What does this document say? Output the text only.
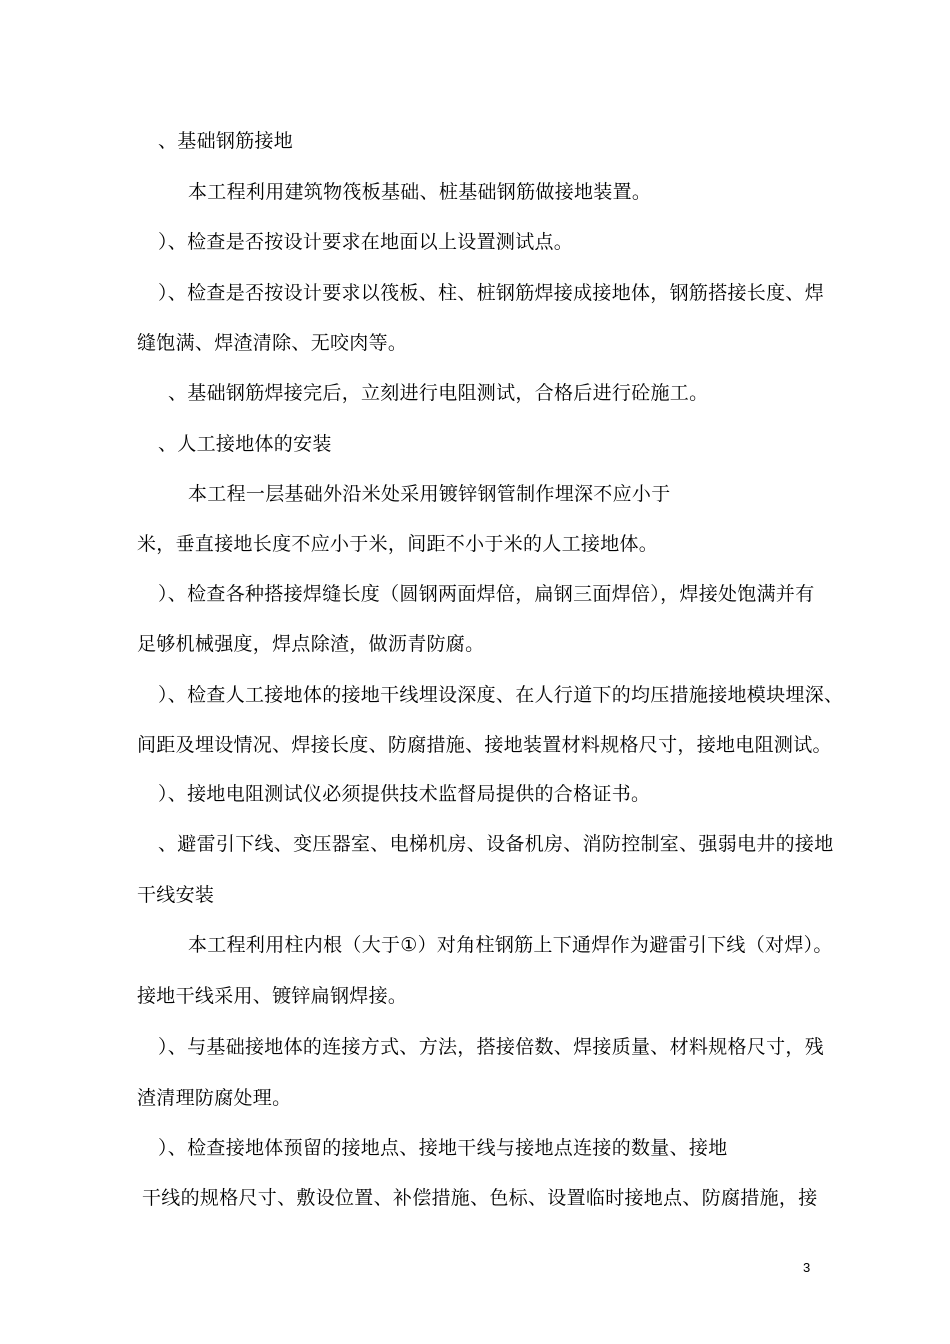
、基础钢筋接地
本工程利用建筑物筏板基础、桩基础钢筋做接地装置。
）、检查是否按设计要求在地面以上设置测试点。
）、检查是否按设计要求以筏板、柱、桩钢筋焊接成接地体，钢筋搭接长度、焊
缝饱满、焊渣清除、无咬肉等。
、基础钢筋焊接完后，立刻进行电阻测试，合格后进行砼施工。
、人工接地体的安装
本工程一层基础外沿米处采用镀锌钢管制作埋深不应小于
米，垂直接地长度不应小于米，间距不小于米的人工接地体。
）、检查各种搭接焊缝长度（圆钢两面焊倍，扁钢三面焊倍），焊接处饱满并有
足够机械强度，焊点除渣，做沥青防腐。
）、检查人工接地体的接地干线埋设深度、在人行道下的均压措施接地模块埋深、
间距及埋设情况、焊接长度、防腐措施、接地装置材料规格尺寸，接地电阻测试。
）、接地电阻测试仪必须提供技术监督局提供的合格证书。
、避雷引下线、变压器室、电梯机房、设备机房、消防控制室、强弱电井的接地
干线安装
本工程利用柱内根（大于①）对角柱钢筋上下通焊作为避雷引下线（对焊）。
接地干线采用、镀锌扁钢焊接。
）、与基础接地体的连接方式、方法，搭接倍数、焊接质量、材料规格尺寸，残
渣清理防腐处理。
）、检查接地体预留的接地点、接地干线与接地点连接的数量、接地
干线的规格尺寸、敷设位置、补偿措施、色标、设置临时接地点、防腐措施，接
3
